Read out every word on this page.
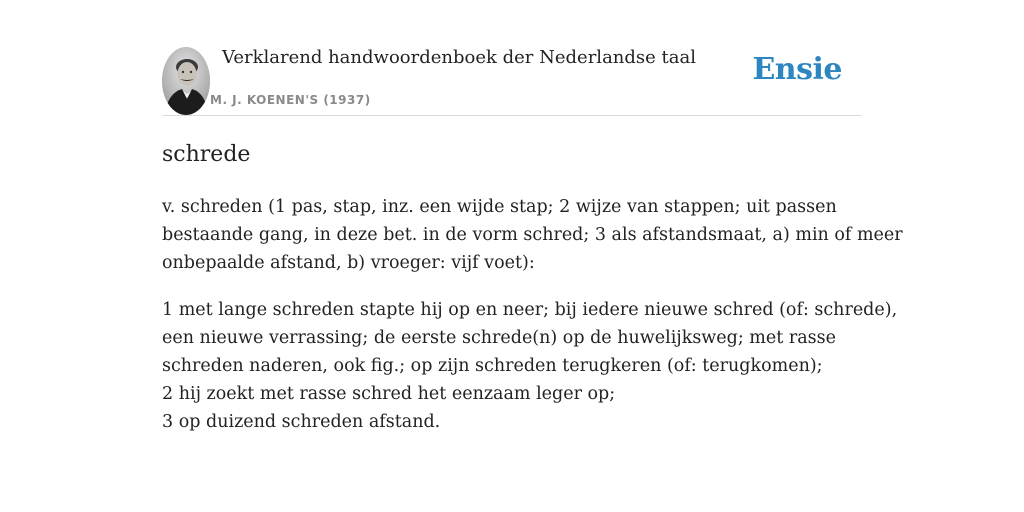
Verklarend handwoordenboek der Nederlandse taal
M. J. KOENEN'S (1937)
Ensie
schrede

v. schreden (1 pas, stap, inz. een wijde stap; 2 wijze van stappen; uit passen
bestaande gang, in deze bet. in de vorm schred; 3 als afstandsmaat, a) min of meer
onbepaalde afstand, b) vroeger: vijf voet):

1 met lange schreden stapte hij op en neer; bij iedere nieuwe schred (of: schrede),
een nieuwe verrassing; de eerste schrede(n) op de huwelijksweg; met rasse
schreden naderen, ook fig.; op zijn schreden terugkeren (of: terugkomen);
2 hij zoekt met rasse schred het eenzaam leger op;
3 op duizend schreden afstand.
